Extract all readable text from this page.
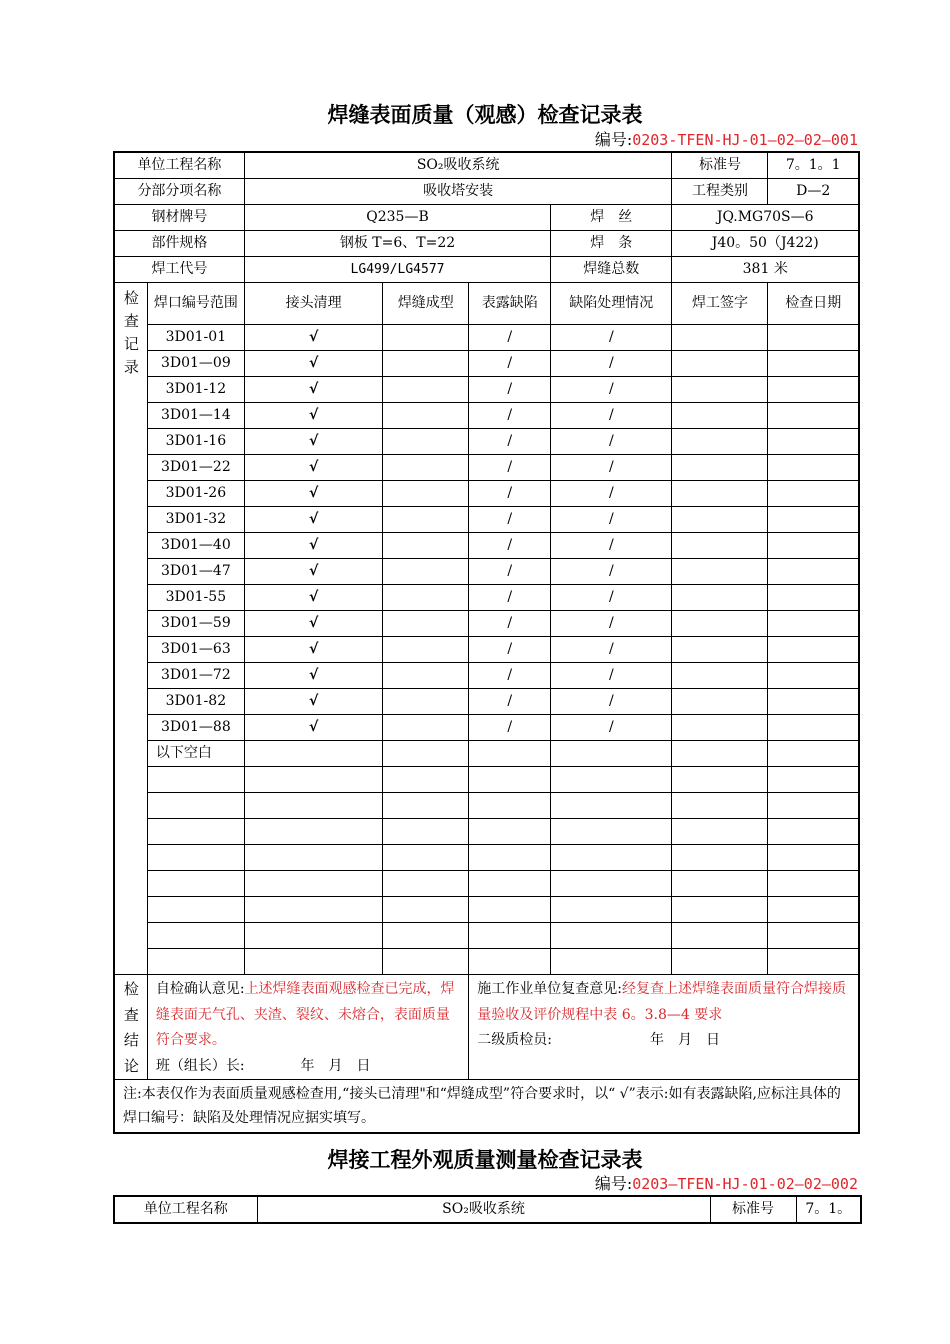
焊缝表面质量（观感）检查记录表
编号:0203-TFEN-HJ-01—02—02—001
单位工程名称		SO₂吸收系统				标准号	7。1。1
分部分项名称		吸收塔安装				工程类别	D—2
钢材牌号		Q235—B			焊　丝	JQ.MG70S—6	
部件规格		钢板 T=6、T=22			焊　条	J40。50（J422)	
焊工代号		LG499/LG4577			焊缝总数	381 米	

检查记录	焊口编号范围	接头清理	焊缝成型	表露缺陷	缺陷处理情况	焊工签字	检查日期
	3D01-01	√		/	/		
	3D01—09	√		/	/		
	3D01-12	√		/	/		
	3D01—14	√		/	/		
	3D01-16	√		/	/		
	3D01—22	√		/	/		
	3D01-26	√		/	/		
	3D01-32	√		/	/		
	3D01—40	√		/	/		
	3D01—47	√		/	/		
	3D01-55	√		/	/		
	3D01—59	√		/	/		
	3D01—63	√		/	/		
	3D01—72	√		/	/		
	3D01-82	√		/	/		
	3D01—88	√		/	/		
	以下空白						

检查结论	自检确认意见:上述焊缝表面观感检查已完成，焊缝表面无气孔、夹渣、裂纹、未熔合，表面质量符合要求。
班（组长）长:　　　　年　月　日			施工作业单位复查意见:经复查上述焊缝表面质量符合焊接质量验收及评价规程中表 6。3.8—4 要求
二级质检员:　　　　　　　年　月　日			
注:本表仅作为表面质量观感检查用,“接头已清理"和“焊缝成型”符合要求时，以“ √”表示:如有表露缺陷,应标注具体的焊口编号：缺陷及处理情况应据实填写。							
焊接工程外观质量测量检查记录表
编号:0203—TFEN-HJ-01-02—02—002
单位工程名称	SO₂吸收系统	标准号	7。1。
